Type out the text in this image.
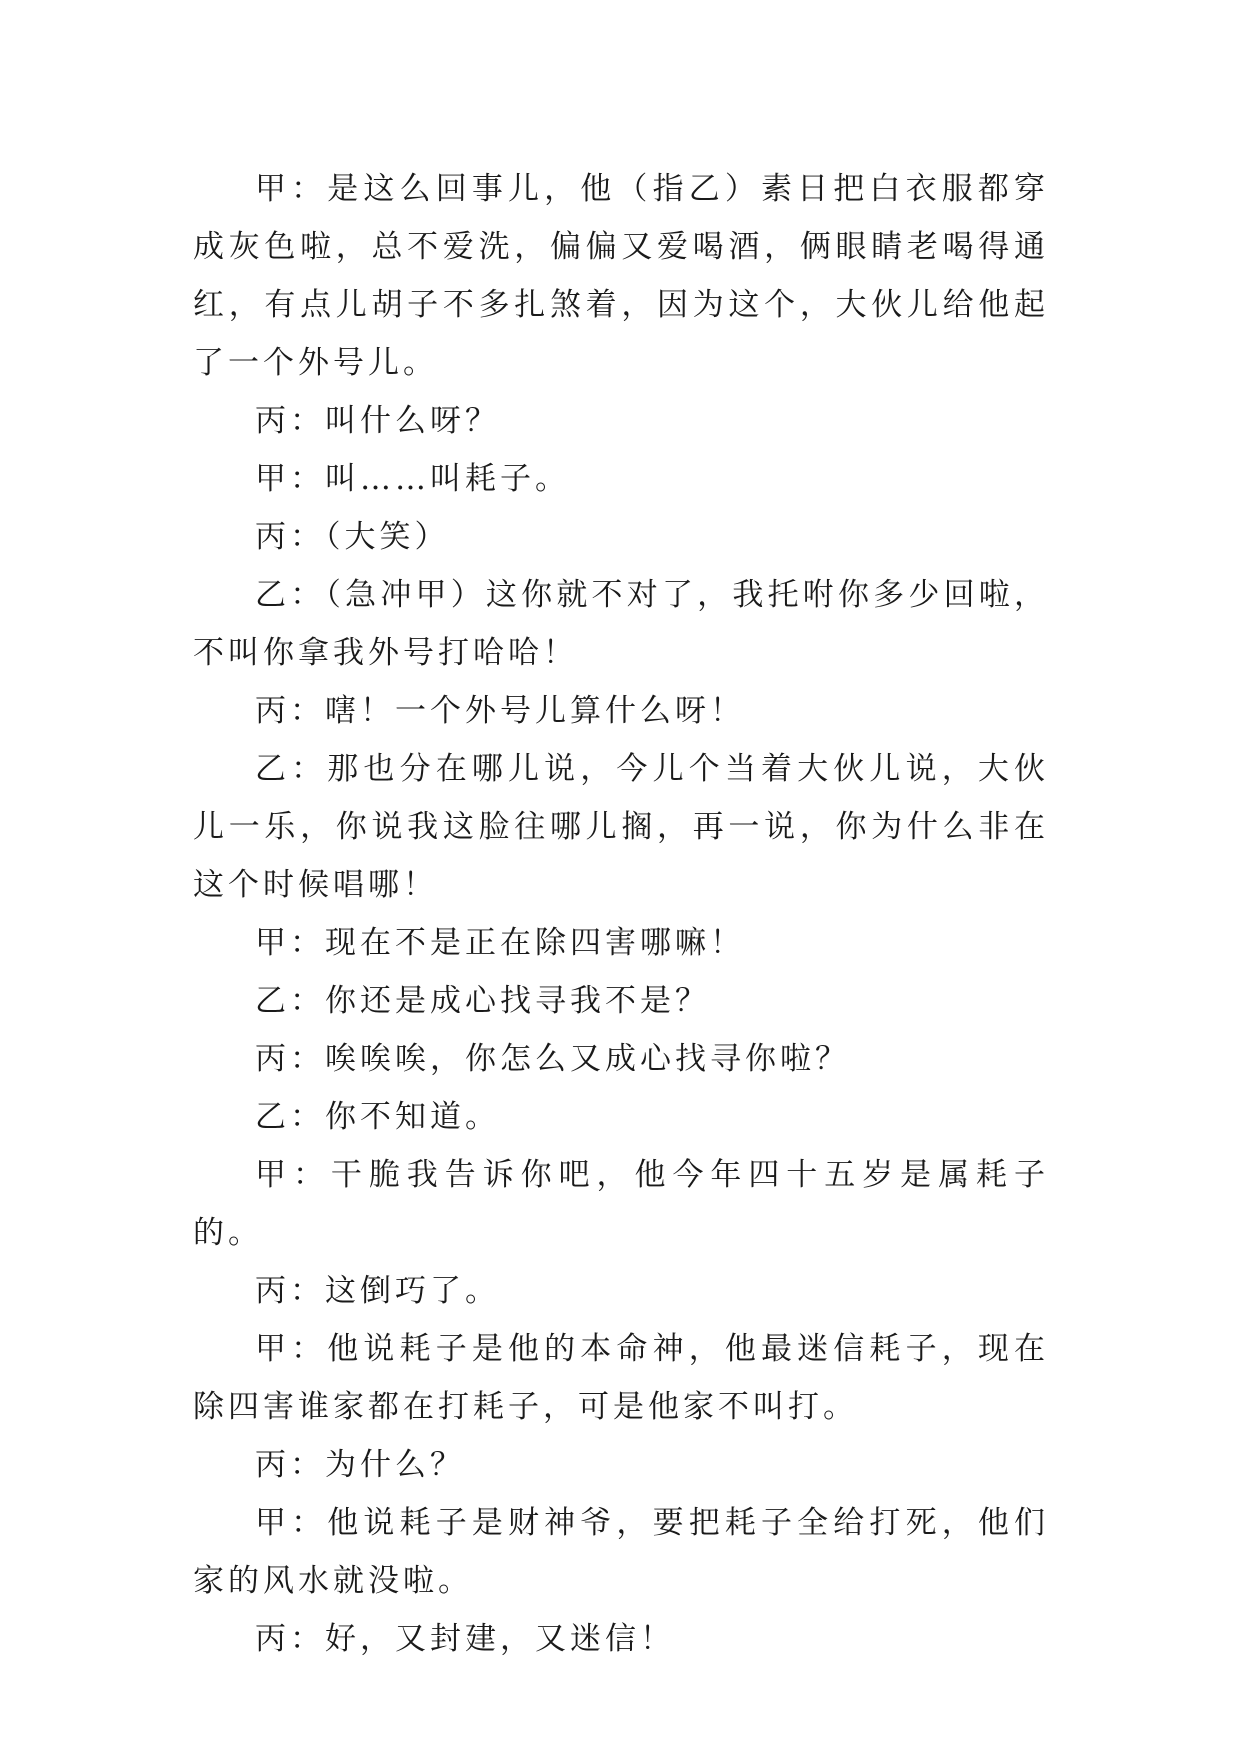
甲：是这么回事儿，他（指乙）素日把白衣服都穿成灰色啦，总不爱洗，偏偏又爱喝酒，俩眼睛老喝得通红，有点儿胡子不多扎煞着，因为这个，大伙儿给他起了一个外号儿。

丙：叫什么呀？

甲：叫……叫耗子。

丙：（大笑）

乙：（急冲甲）这你就不对了，我托咐你多少回啦，不叫你拿我外号打哈哈！

丙：嗐！一个外号儿算什么呀！

乙：那也分在哪儿说，今儿个当着大伙儿说，大伙儿一乐，你说我这脸往哪儿搁，再一说，你为什么非在这个时候唱哪！

甲：现在不是正在除四害哪嘛！

乙：你还是成心找寻我不是？

丙：唉唉唉，你怎么又成心找寻你啦？

乙：你不知道。

甲：干脆我告诉你吧，他今年四十五岁是属耗子的。

丙：这倒巧了。

甲：他说耗子是他的本命神，他最迷信耗子，现在除四害谁家都在打耗子，可是他家不叫打。

丙：为什么？

甲：他说耗子是财神爷，要把耗子全给打死，他们家的风水就没啦。

丙：好，又封建，又迷信！
